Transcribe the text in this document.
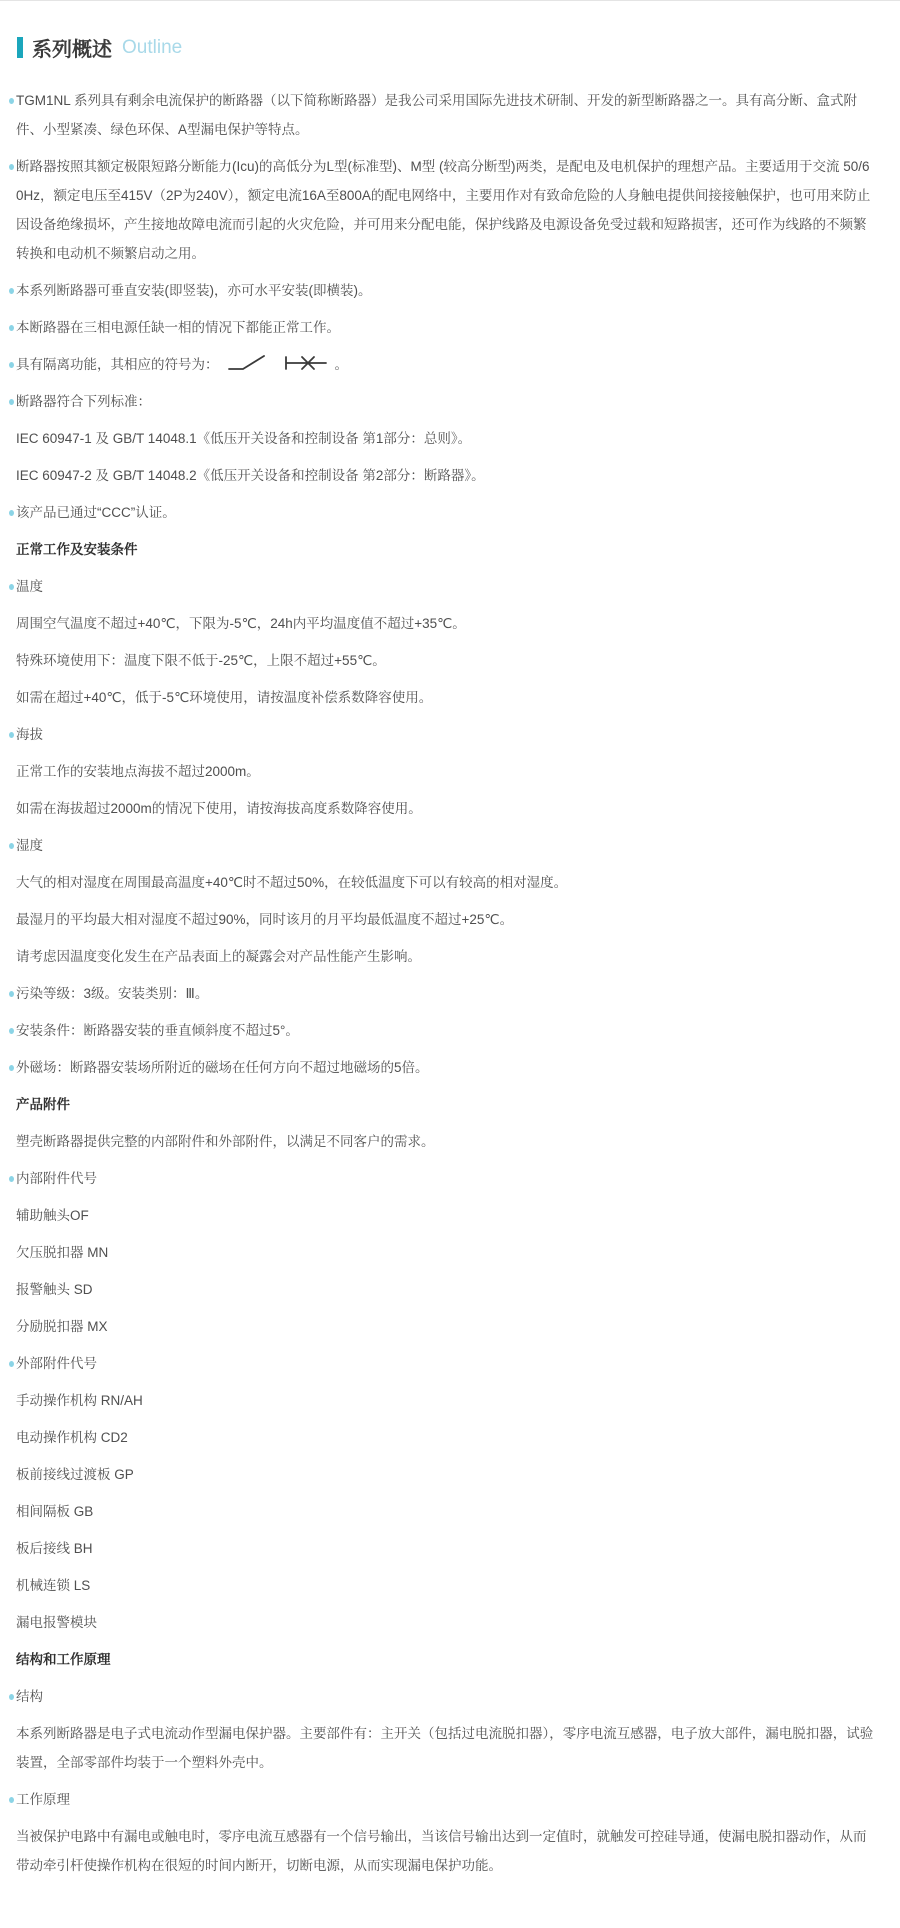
系列概述 Outline

TGM1NL 系列具有剩余电流保护的断路器（以下简称断路器）是我公司采用国际先进技术研制、开发的新型断路器之一。具有高分断、盒式附件、小型紧凑、绿色环保、A型漏电保护等特点。

断路器按照其额定极限短路分断能力(Icu)的高低分为L型(标准型)、M型 (较高分断型)两类，是配电及电机保护的理想产品。主要适用于交流 50/60Hz，额定电压至415V（2P为240V），额定电流16A至800A的配电网络中，主要用作对有致命危险的人身触电提供间接接触保护，也可用来防止因设备绝缘损坏，产生接地故障电流而引起的火灾危险，并可用来分配电能，保护线路及电源设备免受过载和短路损害，还可作为线路的不频繁转换和电动机不频繁启动之用。

本系列断路器可垂直安装(即竖装)，亦可水平安装(即横装)。

本断路器在三相电源任缺一相的情况下都能正常工作。

具有隔离功能，其相应的符号为：	。

断路器符合下列标准：

IEC 60947-1 及 GB/T 14048.1《低压开关设备和控制设备 第1部分：总则》。

IEC 60947-2 及 GB/T 14048.2《低压开关设备和控制设备 第2部分：断路器》。

该产品已通过“CCC”认证。

正常工作及安装条件

温度

周围空气温度不超过+40℃，下限为-5℃，24h内平均温度值不超过+35℃。

特殊环境使用下：温度下限不低于-25℃，上限不超过+55℃。

如需在超过+40℃，低于-5℃环境使用，请按温度补偿系数降容使用。

海拔

正常工作的安装地点海拔不超过2000m。

如需在海拔超过2000m的情况下使用，请按海拔高度系数降容使用。

湿度

大气的相对湿度在周围最高温度+40℃时不超过50%，在较低温度下可以有较高的相对湿度。

最湿月的平均最大相对湿度不超过90%，同时该月的月平均最低温度不超过+25℃。

请考虑因温度变化发生在产品表面上的凝露会对产品性能产生影响。

污染等级：3级。安装类别：Ⅲ。

安装条件：断路器安装的垂直倾斜度不超过5°。

外磁场：断路器安装场所附近的磁场在任何方向不超过地磁场的5倍。

产品附件

塑壳断路器提供完整的内部附件和外部附件，以满足不同客户的需求。

内部附件代号

辅助触头OF

欠压脱扣器 MN

报警触头 SD

分励脱扣器 MX

外部附件代号

手动操作机构 RN/AH

电动操作机构 CD2

板前接线过渡板 GP

相间隔板 GB

板后接线 BH

机械连锁 LS

漏电报警模块

结构和工作原理

结构

本系列断路器是电子式电流动作型漏电保护器。主要部件有：主开关（包括过电流脱扣器），零序电流互感器，电子放大部件，漏电脱扣器，试验装置，全部零部件均装于一个塑料外壳中。

工作原理

当被保护电路中有漏电或触电时，零序电流互感器有一个信号输出，当该信号输出达到一定值时，就触发可控硅导通，使漏电脱扣器动作，从而带动牵引杆使操作机构在很短的时间内断开，切断电源，从而实现漏电保护功能。
